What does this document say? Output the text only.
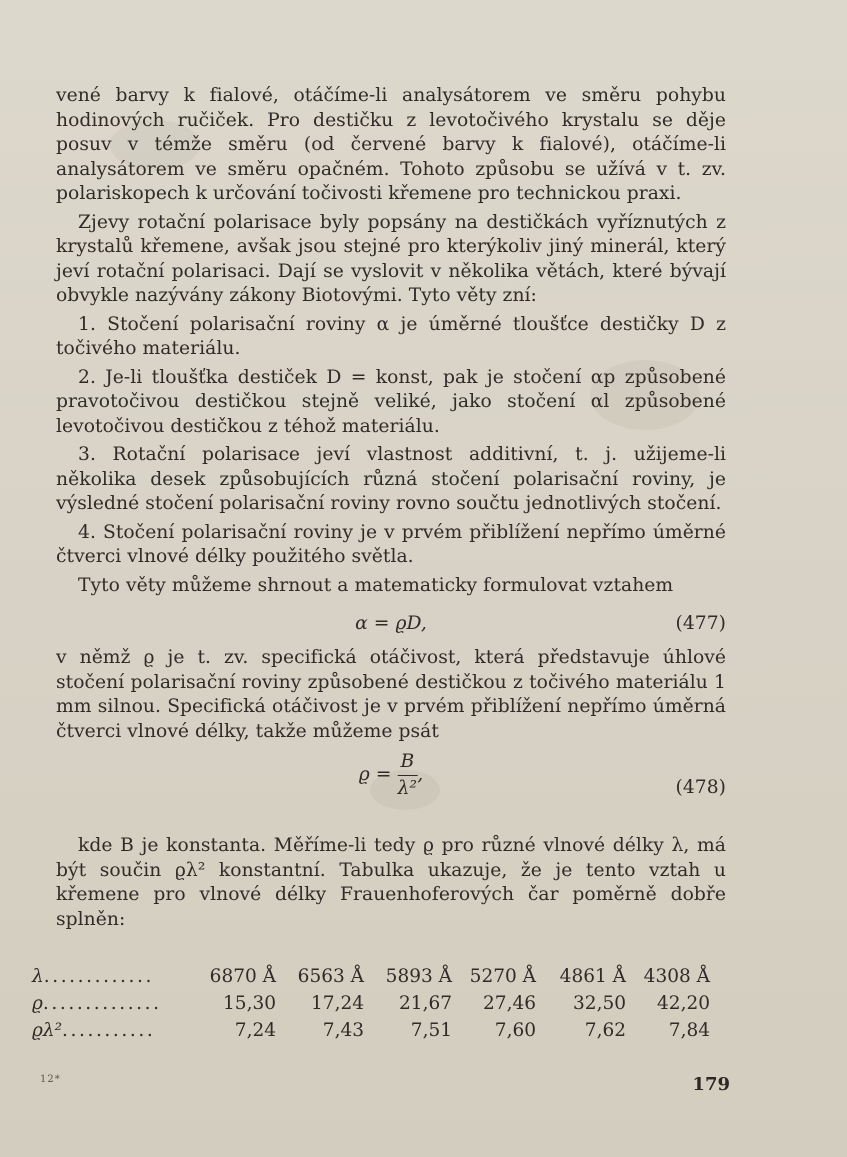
vené barvy k fialové, otáčíme-li analysátorem ve směru pohybu hodinových ručiček. Pro destičku z levotočivého krystalu se děje posuv v témže směru (od červené barvy k fialové), otáčíme-li analysátorem ve směru opačném. Tohoto způsobu se užívá v t. zv. polariskopech k určování točivosti křemene pro technickou praxi.

Zjevy rotační polarisace byly popsány na destičkách vyříznutých z krystalů křemene, avšak jsou stejné pro kterýkoliv jiný minerál, který jeví rotační polarisaci. Dají se vyslovit v několika větách, které bývají obvykle nazývány zákony Biotovými. Tyto věty zní:

1. Stočení polarisační roviny α je úměrné tloušťce destičky D z točivého materiálu.

2. Je-li tloušťka destiček D = konst, pak je stočení αp způsobené pravotočivou destičkou stejně veliké, jako stočení αl způsobené levotočivou destičkou z téhož materiálu.

3. Rotační polarisace jeví vlastnost additivní, t. j. užijeme-li několika desek způsobujících různá stočení polarisační roviny, je výsledné stočení polarisační roviny rovno součtu jednotlivých stočení.

4. Stočení polarisační roviny je v prvém přiblížení nepřímo úměrné čtverci vlnové délky použitého světla.

Tyto věty můžeme shrnout a matematicky formulovat vztahem

α = ϱD,	(477)

v němž ϱ je t. zv. specifická otáčivost, která představuje úhlové stočení polarisační roviny způsobené destičkou z točivého materiálu 1 mm silnou. Specifická otáčivost je v prvém přiblížení nepřímo úměrná čtverci vlnové délky, takže můžeme psát

$ϱ = \frac{B}{\text{λ²}}$ ,
(478)

kde B je konstanta. Měříme-li tedy ϱ pro různé vlnové délky λ, má být součin ϱλ² konstantní. Tabulka ukazuje, že je tento vztah u křemene pro vlnové délky Frauenhoferových čar poměrně dobře splněn:

λ.............	6870 Å	6563 Å	5893 Å 5270 Å	4861 Å 4308 Å
ϱ..............	15,30	17,24	21,67	27,46	32,50	42,20
ϱλ²...........	7,24	7,43	7,51	7,60	7,62	7,84
12*	179
